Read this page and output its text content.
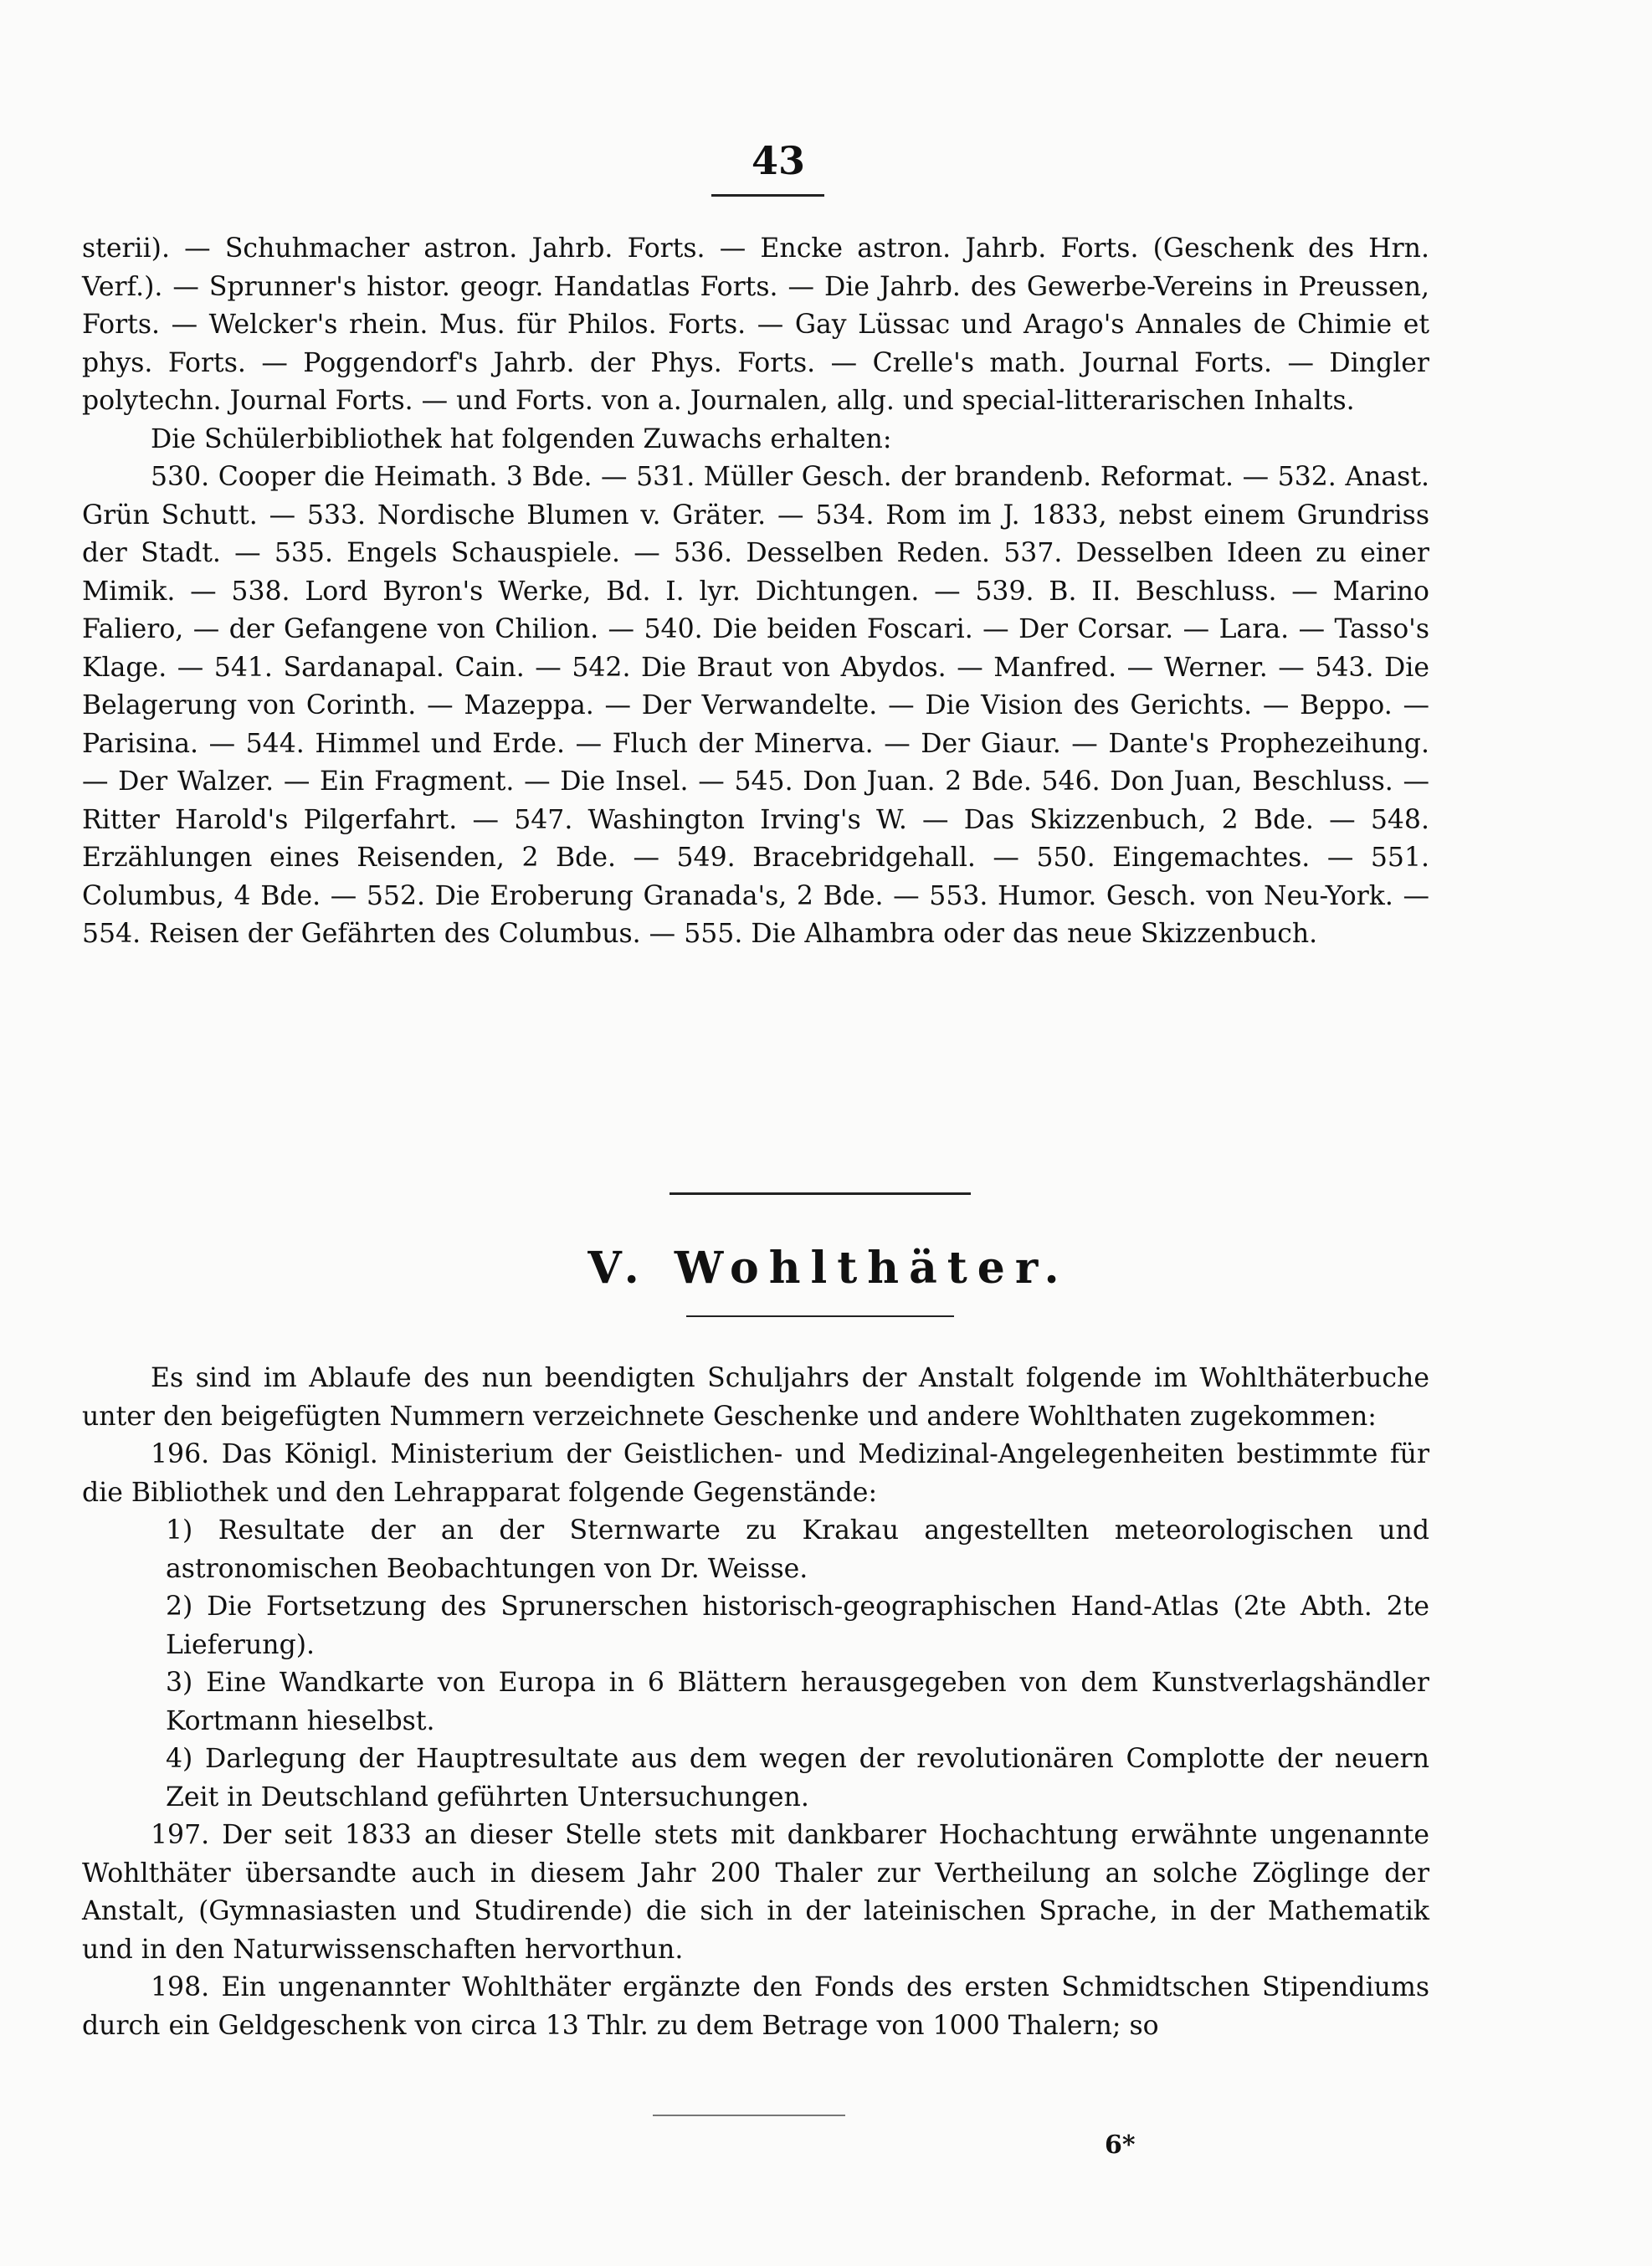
43

sterii). — Schuhmacher astron. Jahrb. Forts. — Encke astron. Jahrb. Forts. (Geschenk des Hrn. Verf.). — Sprunner's histor. geogr. Handatlas Forts. — Die Jahrb. des Gewerbe-Vereins in Preussen, Forts. — Welcker's rhein. Mus. für Philos. Forts. — Gay Lüssac und Arago's Annales de Chimie et phys. Forts. — Poggendorf's Jahrb. der Phys. Forts. — Crelle's math. Journal Forts. — Dingler polytechn. Journal Forts. — und Forts. von a. Journalen, allg. und special-litterarischen Inhalts.

Die Schülerbibliothek hat folgenden Zuwachs erhalten:

530. Cooper die Heimath. 3 Bde. — 531. Müller Gesch. der brandenb. Reformat. — 532. Anast. Grün Schutt. — 533. Nordische Blumen v. Gräter. — 534. Rom im J. 1833, nebst einem Grundriss der Stadt. — 535. Engels Schauspiele. — 536. Desselben Reden. 537. Desselben Ideen zu einer Mimik. — 538. Lord Byron's Werke, Bd. I. lyr. Dichtungen. — 539. B. II. Beschluss. — Marino Faliero, — der Gefangene von Chilion. — 540. Die beiden Foscari. — Der Corsar. — Lara. — Tasso's Klage. — 541. Sardanapal. Cain. — 542. Die Braut von Abydos. — Manfred. — Werner. — 543. Die Belagerung von Corinth. — Mazeppa. — Der Verwandelte. — Die Vision des Gerichts. — Beppo. — Parisina. — 544. Himmel und Erde. — Fluch der Minerva. — Der Giaur. — Dante's Prophezeihung. — Der Walzer. — Ein Fragment. — Die Insel. — 545. Don Juan. 2 Bde. 546. Don Juan, Beschluss. — Ritter Harold's Pilgerfahrt. — 547. Washington Irving's W. — Das Skizzenbuch, 2 Bde. — 548. Erzählungen eines Reisenden, 2 Bde. — 549. Bracebridgehall. — 550. Eingemachtes. — 551. Columbus, 4 Bde. — 552. Die Eroberung Granada's, 2 Bde. — 553. Humor. Gesch. von Neu-York. — 554. Reisen der Gefährten des Columbus. — 555. Die Alhambra oder das neue Skizzenbuch.

V. Wohlthäter.

Es sind im Ablaufe des nun beendigten Schuljahrs der Anstalt folgende im Wohlthäterbuche unter den beigefügten Nummern verzeichnete Geschenke und andere Wohlthaten zugekommen:

196. Das Königl. Ministerium der Geistlichen- und Medizinal-Angelegenheiten bestimmte für die Bibliothek und den Lehrapparat folgende Gegenstände:

1) Resultate der an der Sternwarte zu Krakau angestellten meteorologischen und astronomischen Beobachtungen von Dr. Weisse.

2) Die Fortsetzung des Sprunerschen historisch-geographischen Hand-Atlas (2te Abth. 2te Lieferung).

3) Eine Wandkarte von Europa in 6 Blättern herausgegeben von dem Kunstverlagshändler Kortmann hieselbst.

4) Darlegung der Hauptresultate aus dem wegen der revolutionären Complotte der neuern Zeit in Deutschland geführten Untersuchungen.

197. Der seit 1833 an dieser Stelle stets mit dankbarer Hochachtung erwähnte ungenannte Wohlthäter übersandte auch in diesem Jahr 200 Thaler zur Vertheilung an solche Zöglinge der Anstalt, (Gymnasiasten und Studirende) die sich in der lateinischen Sprache, in der Mathematik und in den Naturwissenschaften hervorthun.

198. Ein ungenannter Wohlthäter ergänzte den Fonds des ersten Schmidtschen Stipendiums durch ein Geldgeschenk von circa 13 Thlr. zu dem Betrage von 1000 Thalern; so

6*
